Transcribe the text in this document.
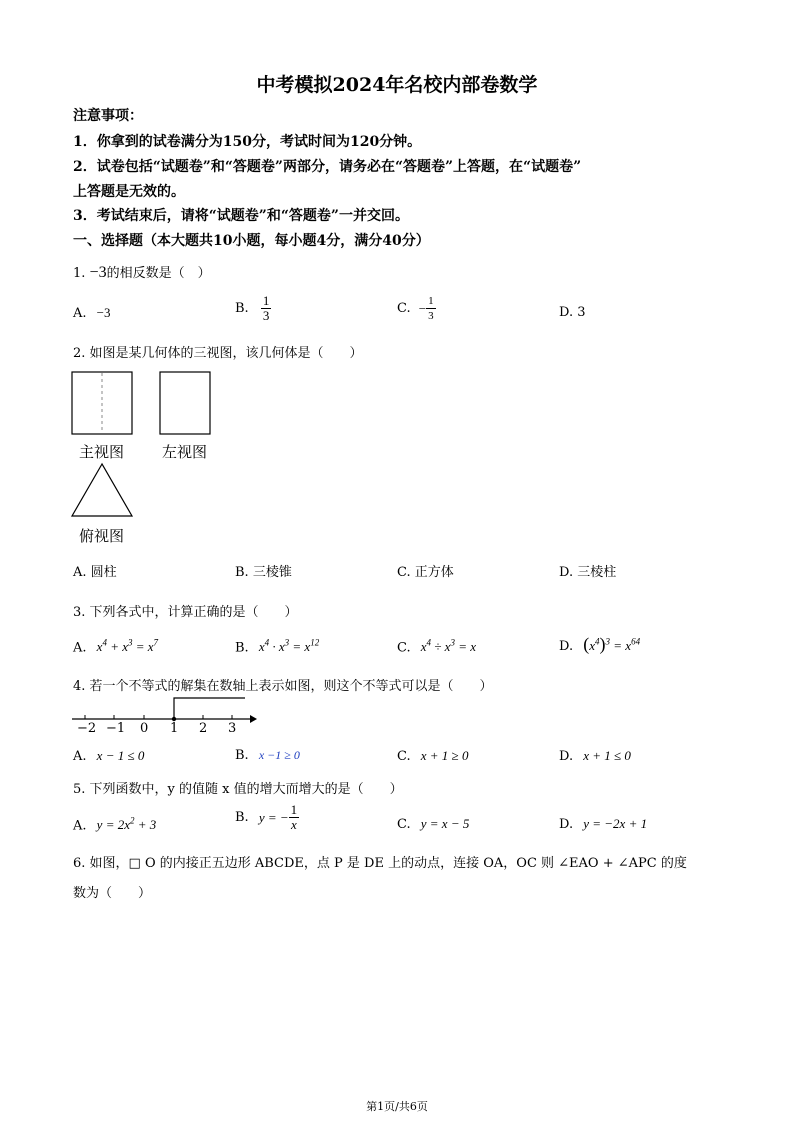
中考模拟2024年名校内部卷数学
注意事项：
1．你拿到的试卷满分为150分，考试时间为120分钟。
2．试卷包括“试题卷”和“答题卷”两部分，请务必在“答题卷”上答题，在“试题卷”
上答题是无效的。
3．考试结束后，请将“试题卷”和“答题卷”一并交回。
一、选择题（本大题共10小题，每小题4分，满分40分）
1. −3的相反数是（　）
A. −3	B. $\frac{1}{3}$	C. − $\frac{1}{3}$	D. 3
2. 如图是某几何体的三视图，该几何体是（　　）
主视图	左视图
俯视图
A. 圆柱	B. 三棱锥	C. 正方体	D. 三棱柱
3. 下列各式中，计算正确的是（　　）
A. $x^4 + x^3 = x^7$	B. $x^4 \cdot x^3 = x^{12}$	C. $x^4 \div x^3 = x$	D. $(x^4)^3 = x^{64}$
4. 若一个不等式的解集在数轴上表示如图，则这个不等式可以是（　　）
−2 −1 0 1 2 3
A. x − 1 ≤ 0	B. x −1 ≥ 0	C. x + 1 ≥ 0	D. x + 1 ≤ 0
5. 下列函数中，y 的值随 x 值的增大而增大的是（　　）
A. $y = 2x^2 + 3$	B. y = − $\frac{1}{x}$	C. y = x − 5	D. y = −2x + 1
6. 如图，□ O 的内接正五边形 ABCDE，点 P 是 DE 上的动点，连接 OA，OC 则 ∠EAO + ∠APC 的度
数为（　　）
第1页/共6页
